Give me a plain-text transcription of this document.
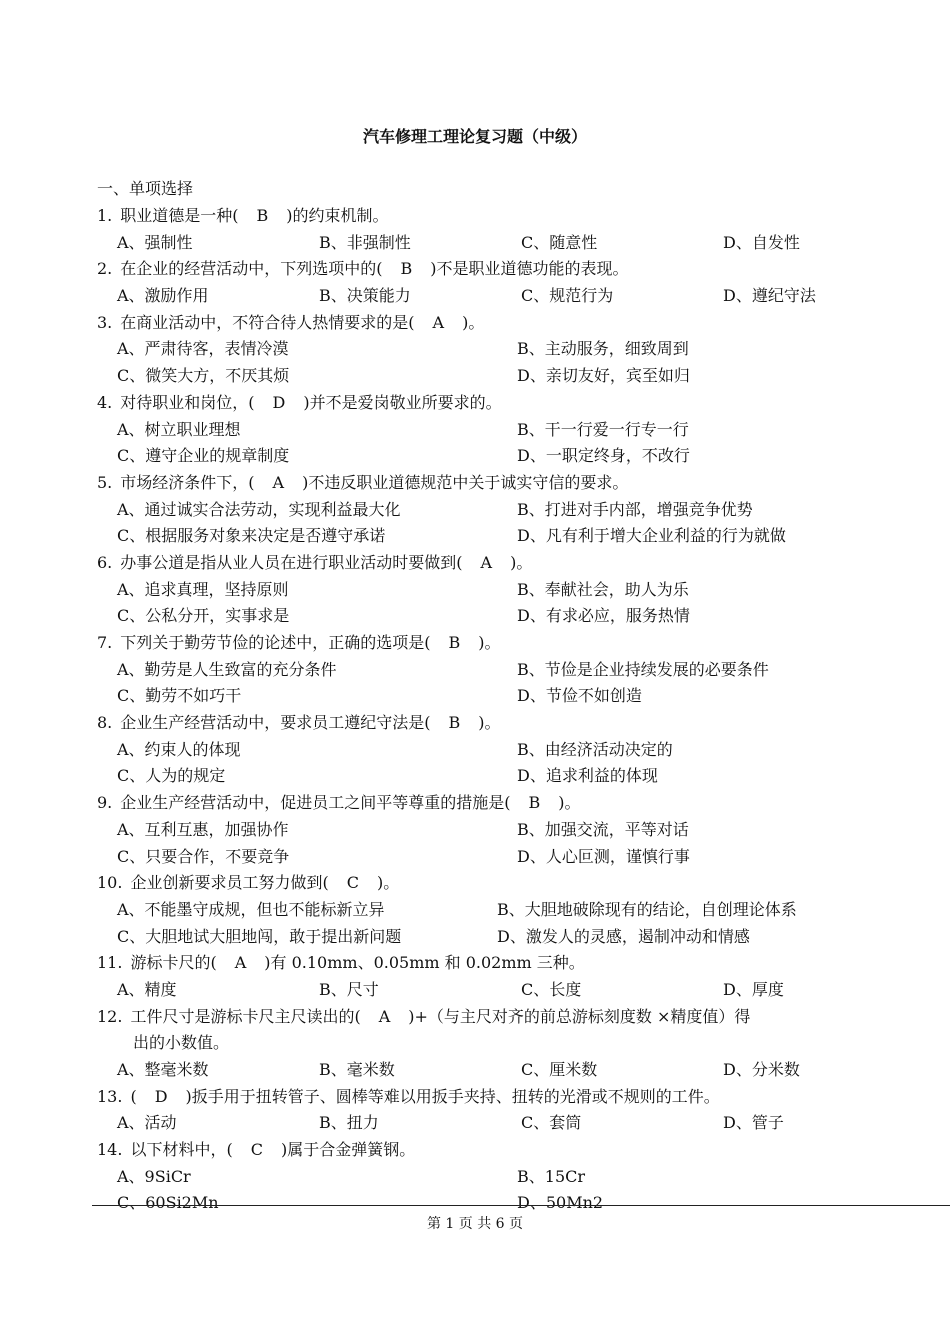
汽车修理工理论复习题（中级）
一、单项选择
1. 职业道德是一种( B )的约束机制。
A、强制性	B、非强制性	C、随意性	D、自发性
2. 在企业的经营活动中，下列选项中的( B )不是职业道德功能的表现。
A、激励作用	B、决策能力	C、规范行为	D、遵纪守法
3. 在商业活动中，不符合待人热情要求的是( A )。
A、严肃待客，表情冷漠	B、主动服务，细致周到
C、微笑大方，不厌其烦	D、亲切友好，宾至如归
4. 对待职业和岗位，( D )并不是爱岗敬业所要求的。
A、树立职业理想	B、干一行爱一行专一行
C、遵守企业的规章制度	D、一职定终身，不改行
5. 市场经济条件下，( A )不违反职业道德规范中关于诚实守信的要求。
A、通过诚实合法劳动，实现利益最大化	B、打进对手内部，增强竞争优势
C、根据服务对象来决定是否遵守承诺	D、凡有利于增大企业利益的行为就做
6. 办事公道是指从业人员在进行职业活动时要做到( A )。
A、追求真理，坚持原则	B、奉献社会，助人为乐
C、公私分开，实事求是	D、有求必应，服务热情
7. 下列关于勤劳节俭的论述中，正确的选项是( B )。
A、勤劳是人生致富的充分条件	B、节俭是企业持续发展的必要条件
C、勤劳不如巧干	D、节俭不如创造
8. 企业生产经营活动中，要求员工遵纪守法是( B )。
A、约束人的体现	B、由经济活动决定的
C、人为的规定	D、追求利益的体现
9. 企业生产经营活动中，促进员工之间平等尊重的措施是( B )。
A、互利互惠，加强协作	B、加强交流，平等对话
C、只要合作，不要竞争	D、人心叵测，谨慎行事
10. 企业创新要求员工努力做到( C )。
A、不能墨守成规，但也不能标新立异	B、大胆地破除现有的结论，自创理论体系
C、大胆地试大胆地闯，敢于提出新问题	D、激发人的灵感，遏制冲动和情感
11. 游标卡尺的( A )有 0.10mm、0.05mm 和 0.02mm 三种。
A、精度	B、尺寸	C、长度	D、厚度
12. 工件尺寸是游标卡尺主尺读出的( A )+（与主尺对齐的前总游标刻度数 ×精度值）得
出的小数值。
A、整毫米数	B、毫米数	C、厘米数	D、分米数
13. ( D )扳手用于扭转管子、圆棒等难以用扳手夹持、扭转的光滑或不规则的工件。
A、活动	B、扭力	C、套筒	D、管子
14. 以下材料中，( C )属于合金弹簧钢。
A、9SiCr	B、15Cr
C、60Si2Mn	D、50Mn2
第 1 页 共 6 页
